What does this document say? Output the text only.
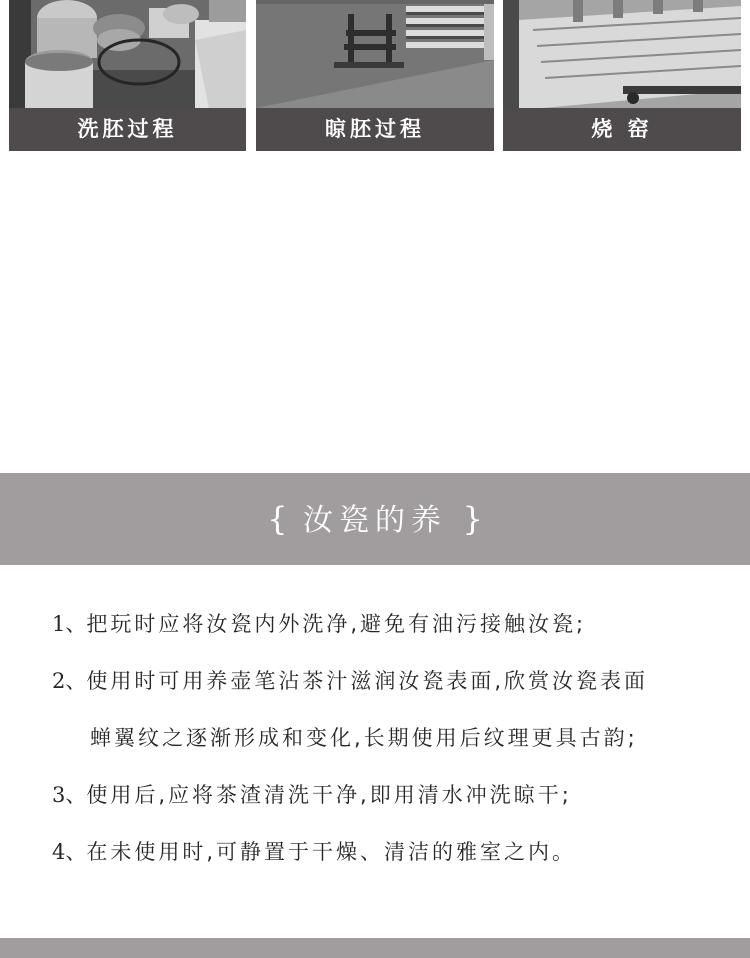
洗胚过程	晾胚过程	烧 窑
{ 汝瓷的养 }
1、把玩时应将汝瓷内外洗净,避免有油污接触汝瓷;
2、使用时可用养壶笔沾茶汁滋润汝瓷表面,欣赏汝瓷表面
蝉翼纹之逐渐形成和变化,长期使用后纹理更具古韵;
3、使用后,应将茶渣清洗干净,即用清水冲洗晾干;
4、在未使用时,可静置于干燥、清洁的雅室之内。
